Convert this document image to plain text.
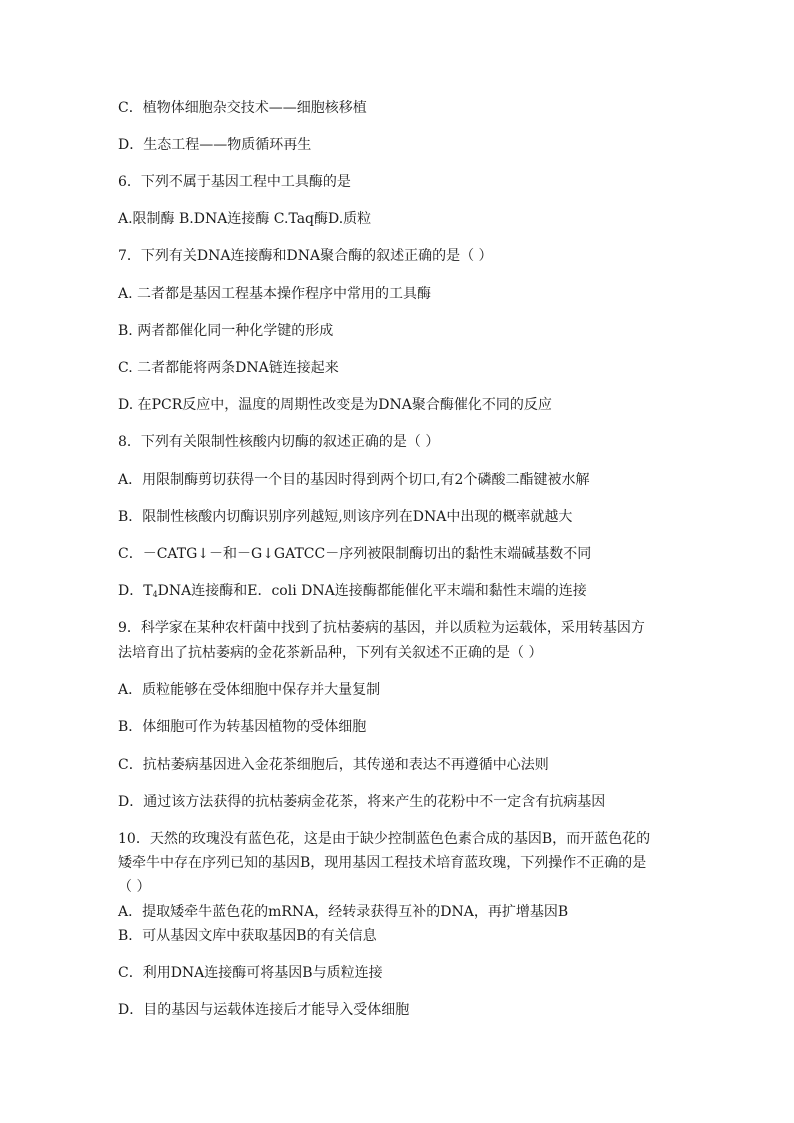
C．植物体细胞杂交技术——细胞核移植
D．生态工程——物质循环再生
6．下列不属于基因工程中工具酶的是
A.限制酶 B.DNA连接酶 C.Taq酶D.质粒
7．下列有关DNA连接酶和DNA聚合酶的叙述正确的是（ ）
A. 二者都是基因工程基本操作程序中常用的工具酶
B. 两者都催化同一种化学键的形成
C. 二者都能将两条DNA链连接起来
D. 在PCR反应中，温度的周期性改变是为DNA聚合酶催化不同的反应
8．下列有关限制性核酸内切酶的叙述正确的是（ ）
A．用限制酶剪切获得一个目的基因时得到两个切口,有2个磷酸二酯键被水解
B．限制性核酸内切酶识别序列越短,则该序列在DNA中出现的概率就越大
C．－CATG↓－和－G↓GATCC－序列被限制酶切出的黏性末端碱基数不同
D．$T_4DNA$连接酶和E．coli DNA连接酶都能催化平末端和黏性末端的连接
9．科学家在某种农杆菌中找到了抗枯萎病的基因，并以质粒为运载体，采用转基因方
法培育出了抗枯萎病的金花茶新品种，下列有关叙述不正确的是（ ）
A．质粒能够在受体细胞中保存并大量复制
B．体细胞可作为转基因植物的受体细胞
C．抗枯萎病基因进入金花茶细胞后，其传递和表达不再遵循中心法则
D．通过该方法获得的抗枯萎病金花茶，将来产生的花粉中不一定含有抗病基因
10．天然的玫瑰没有蓝色花，这是由于缺少控制蓝色色素合成的基因B，而开蓝色花的
矮牵牛中存在序列已知的基因B，现用基因工程技术培育蓝玫瑰，下列操作不正确的是
（ ）
A．提取矮牵牛蓝色花的mRNA，经转录获得互补的DNA，再扩增基因B
B．可从基因文库中获取基因B的有关信息
C．利用DNA连接酶可将基因B与质粒连接
D．目的基因与运载体连接后才能导入受体细胞
